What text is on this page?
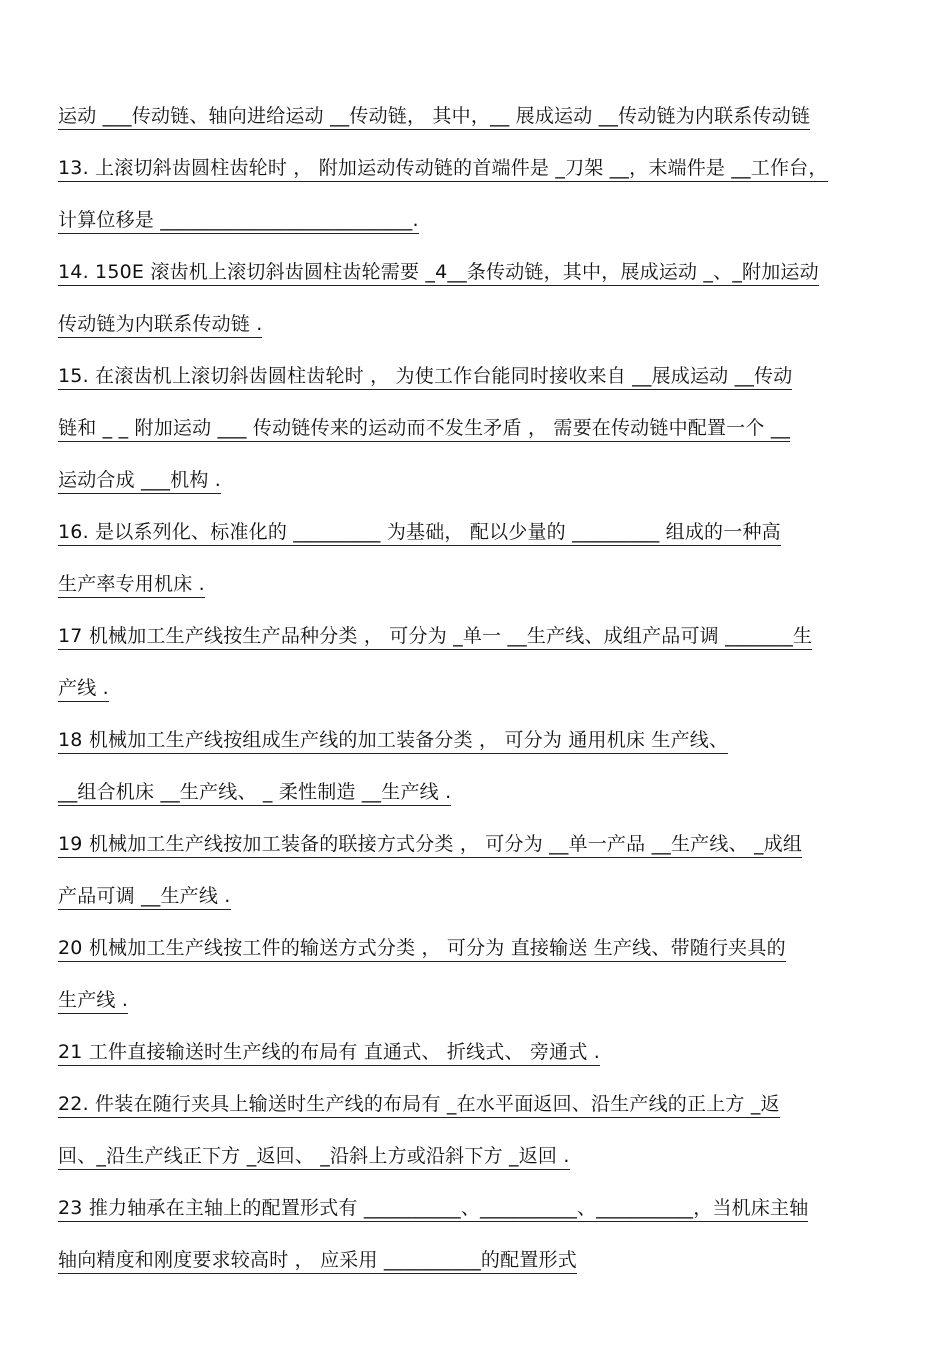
运动 ___传动链、轴向进给运动 __传动链， 其中，__ 展成运动 __传动链为内联系传动链
13. 上滚切斜齿圆柱齿轮时 ， 附加运动传动链的首端件是 _刀架 __，末端件是 __工作台，
计算位移是 __________________________.
14. 150E 滚齿机上滚切斜齿圆柱齿轮需要 _4__条传动链，其中，展成运动 _、_附加运动
传动链为内联系传动链 .
15. 在滚齿机上滚切斜齿圆柱齿轮时 ， 为使工作台能同时接收来自 __展成运动 __传动
链和 _ _ 附加运动 ___ 传动链传来的运动而不发生矛盾 ， 需要在传动链中配置一个 __
运动合成 ___机构 .
16. 是以系列化、标准化的 _________ 为基础， 配以少量的 _________ 组成的一种高
生产率专用机床 .
17 机械加工生产线按生产品种分类 ， 可分为 _单一 __生产线、成组产品可调 _______生
产线 .
18 机械加工生产线按组成生产线的加工装备分类 ， 可分为 通用机床 生产线、
__组合机床 __生产线、 _ 柔性制造 __生产线 .
19 机械加工生产线按加工装备的联接方式分类 ， 可分为 __单一产品 __生产线、 _成组
产品可调 __生产线 .
20 机械加工生产线按工件的输送方式分类 ， 可分为 直接输送 生产线、带随行夹具的
生产线 .
21 工件直接输送时生产线的布局有 直通式、 折线式、 旁通式 .
22. 件装在随行夹具上输送时生产线的布局有 _在水平面返回、沿生产线的正上方 _返
回、_沿生产线正下方 _返回、 _沿斜上方或沿斜下方 _返回 .
23 推力轴承在主轴上的配置形式有 __________、__________、__________，当机床主轴
轴向精度和刚度要求较高时 ， 应采用 __________的配置形式
